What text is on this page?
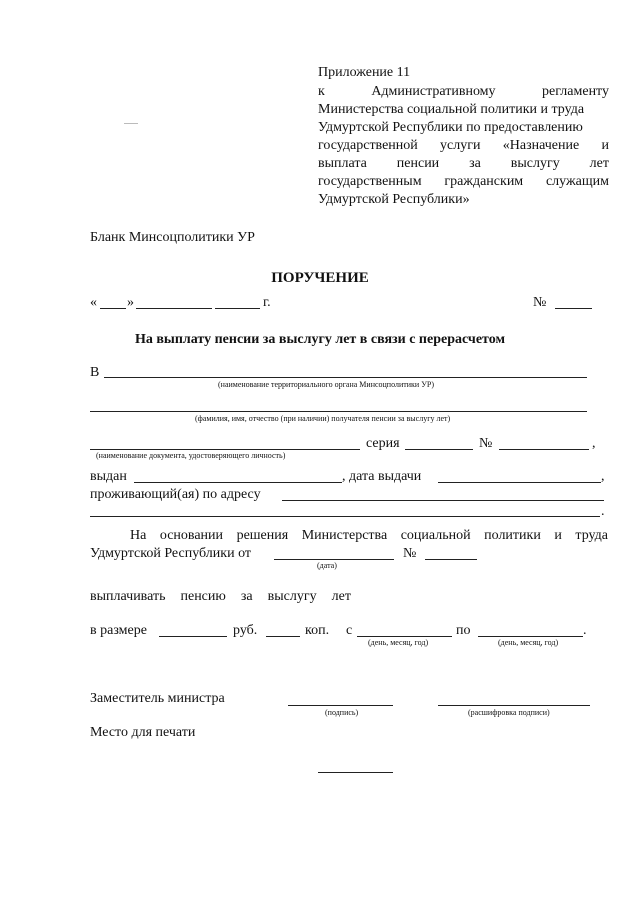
Приложение 11
к	Административному	регламенту
Министерства социальной политики и труда
Удмуртской Республики по предоставлению
государственной услуги «Назначение и
выплата пенсии за выслугу лет
государственным гражданским служащим
Удмуртской Республики»
Бланк Минсоцполитики УР
ПОРУЧЕНИЕ
« »	г.	№
На выплату пенсии за выслугу лет в связи с перерасчетом
В
(наименование территориального органа Минсоцполитики УР)
(фамилия, имя, отчество (при наличии) получателя пенсии за выслугу лет)
серия	№	,
(наименование документа, удостоверяющего личность)
выдан	, дата выдачи	,
проживающий(ая) по адресу
.
На основании решения Министерства социальной политики и труда
Удмуртской Республики от	№
(дата)
выплачивать пенсию за выслугу лет
в размере	руб.	коп. с	по	.
(день, месяц, год)	(день, месяц, год)
Заместитель министра
(подпись)	(расшифровка подписи)
Место для печати
